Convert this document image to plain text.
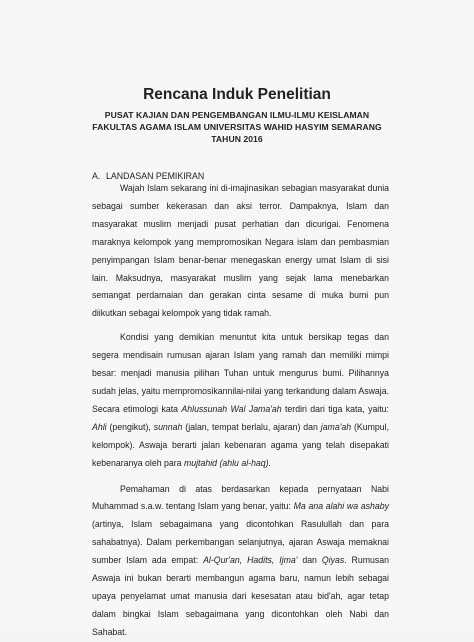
Rencana Induk Penelitian
PUSAT KAJIAN DAN PENGEMBANGAN ILMU-ILMU KEISLAMAN
FAKULTAS AGAMA ISLAM UNIVERSITAS WAHID HASYIM SEMARANG
TAHUN 2016
A. LANDASAN PEMIKIRAN

Wajah Islam sekarang ini di-imajinasikan sebagian masyarakat dunia sebagai sumber kekerasan dan aksi terror. Dampaknya, Islam dan masyarakat muslim menjadi pusat perhatian dan dicurigai. Fenomena maraknya kelompok yang mempromosikan Negara islam dan pembasmian penyimpangan Islam benar-benar menegaskan energy umat Islam di sisi lain. Maksudnya, masyarakat muslim yang sejak lama menebarkan semangat perdamaian dan gerakan cinta sesame di muka bumi pun diikutkan sebagai kelompok yang tidak ramah.

Kondisi yang demikian menuntut kita untuk bersikap tegas dan segera mendisain rumusan ajaran Islam yang ramah dan memiliki mimpi besar: menjadi manusia pilihan Tuhan untuk mengurus bumi. Pilihannya sudah jelas, yaitu mempromosikannilai-nilai yang terkandung dalam Aswaja. Secara etimologi kata Ahlussunah Wal Jama'ah terdiri dari tiga kata, yaitu: Ahli (pengikut), sunnah (jalan, tempat berlalu, ajaran) dan jama'ah (Kumpul, kelompok). Aswaja berarti jalan kebenaran agama yang telah disepakati kebenaranya oleh para mujtahid (ahlu al-haq).

Pemahaman di atas berdasarkan kepada pernyataan Nabi Muhammad s.a.w. tentang Islam yang benar, yaitu: Ma ana alahi wa ashaby (artinya, Islam sebagaimana yang dicontohkan Rasulullah dan para sahabatnya). Dalam perkembangan selanjutnya, ajaran Aswaja memaknai sumber Islam ada empat: Al-Qur'an, Hadits, Ijma' dan Qiyas. Rumusan Aswaja ini bukan berarti membangun agama baru, namun lebih sebagai upaya penyelamat umat manusia dari kesesatan atau bid'ah, agar tetap dalam bingkai Islam sebagaimana yang dicontohkan oleh Nabi dan Sahabat.
